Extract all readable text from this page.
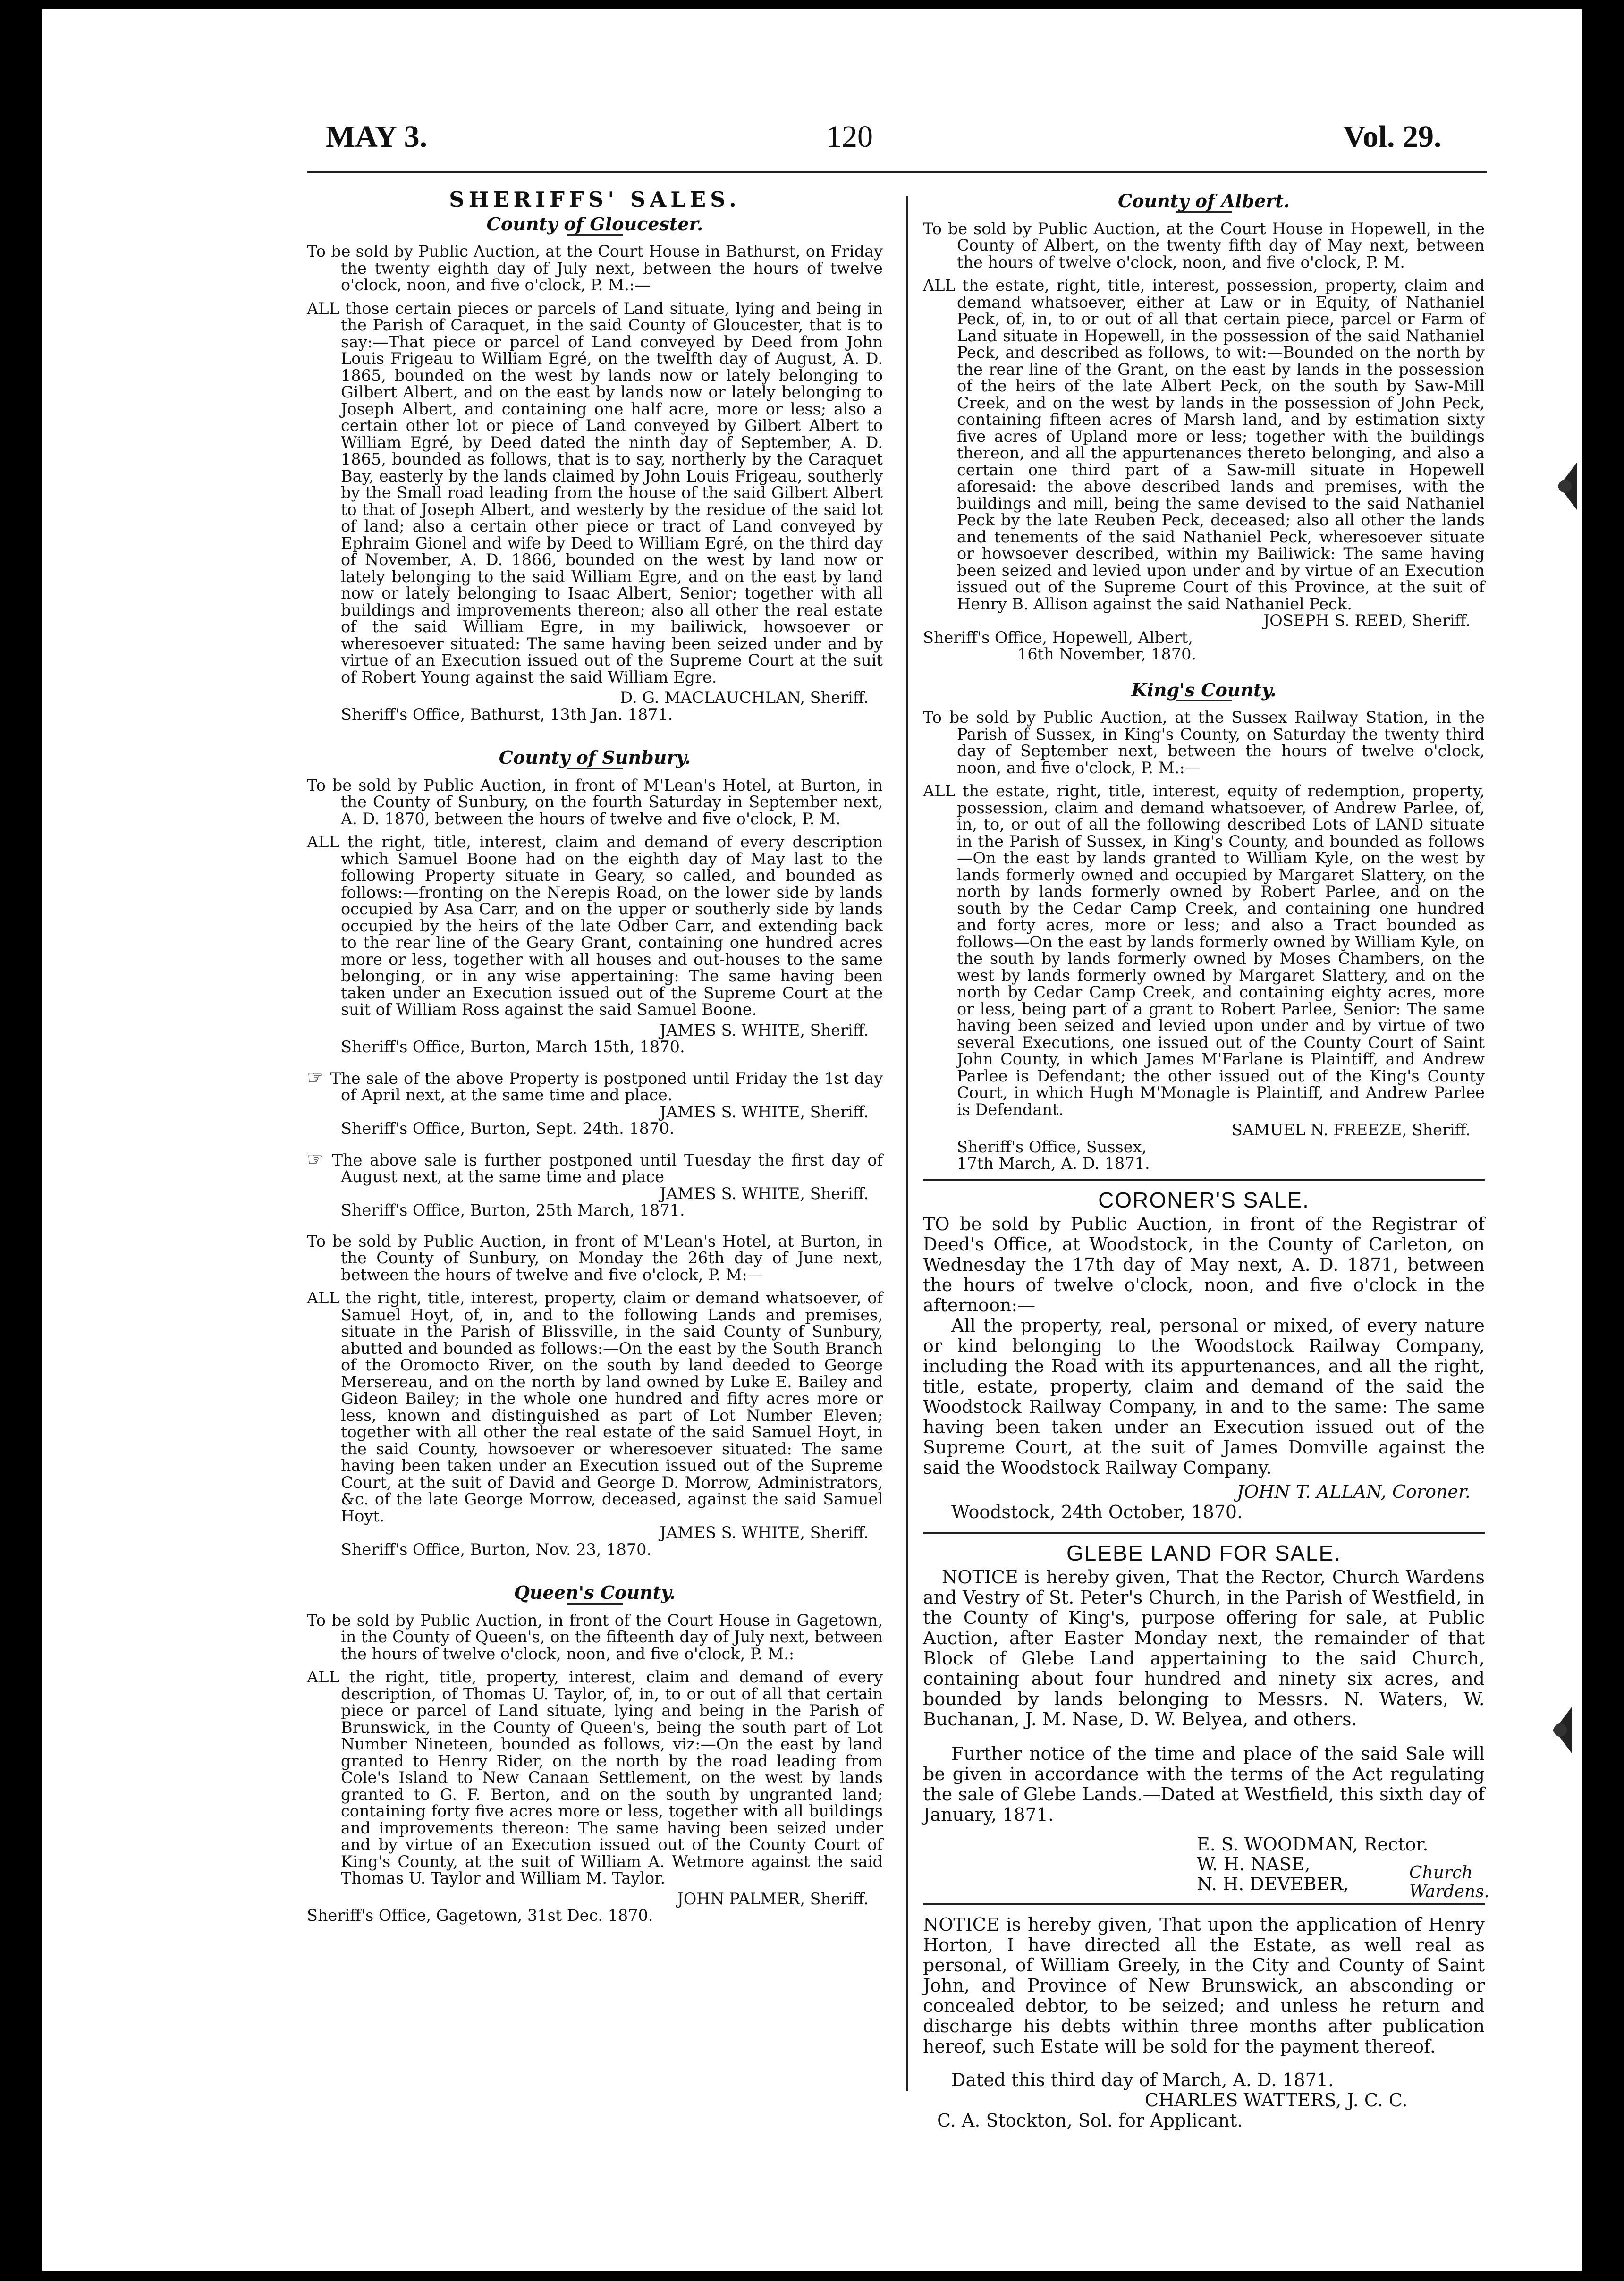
MAY 3.	120	Vol. 29.
SHERIFFS' SALES.
County of Gloucester.

To be sold by Public Auction, at the Court House in Bathurst, on Friday the twenty eighth day of July next, between the hours of twelve o'clock, noon, and five o'clock, P. M.:—

ALL those certain pieces or parcels of Land situate, lying and being in the Parish of Caraquet, in the said County of Gloucester, that is to say:—That piece or parcel of Land conveyed by Deed from John Louis Frigeau to William Egré, on the twelfth day of August, A. D. 1865, bounded on the west by lands now or lately belonging to Gilbert Albert, and on the east by lands now or lately belonging to Joseph Albert, and containing one half acre, more or less; also a certain other lot or piece of Land conveyed by Gilbert Albert to William Egré, by Deed dated the ninth day of September, A. D. 1865, bounded as follows, that is to say, northerly by the Caraquet Bay, easterly by the lands claimed by John Louis Frigeau, southerly by the Small road leading from the house of the said Gilbert Albert to that of Joseph Albert, and westerly by the residue of the said lot of land; also a certain other piece or tract of Land conveyed by Ephraim Gionel and wife by Deed to William Egré, on the third day of November, A. D. 1866, bounded on the west by land now or lately belonging to the said William Egre, and on the east by land now or lately belonging to Isaac Albert, Senior; together with all buildings and improvements thereon; also all other the real estate of the said William Egre, in my bailiwick, howsoever or wheresoever situated: The same having been seized under and by virtue of an Execution issued out of the Supreme Court at the suit of Robert Young against the said William Egre.

D. G. MACLAUCHLAN, Sheriff.

Sheriff's Office, Bathurst, 13th Jan. 1871.

County of Sunbury.

To be sold by Public Auction, in front of M'Lean's Hotel, at Burton, in the County of Sunbury, on the fourth Saturday in September next, A. D. 1870, between the hours of twelve and five o'clock, P. M.

ALL the right, title, interest, claim and demand of every description which Samuel Boone had on the eighth day of May last to the following Property situate in Geary, so called, and bounded as follows:—fronting on the Nerepis Road, on the lower side by lands occupied by Asa Carr, and on the upper or southerly side by lands occupied by the heirs of the late Odber Carr, and extending back to the rear line of the Geary Grant, containing one hundred acres more or less, together with all houses and out-houses to the same belonging, or in any wise appertaining: The same having been taken under an Execution issued out of the Supreme Court at the suit of William Ross against the said Samuel Boone.

JAMES S. WHITE, Sheriff.

Sheriff's Office, Burton, March 15th, 1870.

☞ The sale of the above Property is postponed until Friday the 1st day of April next, at the same time and place.

JAMES S. WHITE, Sheriff.

Sheriff's Office, Burton, Sept. 24th. 1870.

☞ The above sale is further postponed until Tuesday the first day of August next, at the same time and place

JAMES S. WHITE, Sheriff.

Sheriff's Office, Burton, 25th March, 1871.

To be sold by Public Auction, in front of M'Lean's Hotel, at Burton, in the County of Sunbury, on Monday the 26th day of June next, between the hours of twelve and five o'clock, P. M:—

ALL the right, title, interest, property, claim or demand whatsoever, of Samuel Hoyt, of, in, and to the following Lands and premises, situate in the Parish of Blissville, in the said County of Sunbury, abutted and bounded as follows:—On the east by the South Branch of the Oromocto River, on the south by land deeded to George Mersereau, and on the north by land owned by Luke E. Bailey and Gideon Bailey; in the whole one hundred and fifty acres more or less, known and distinguished as part of Lot Number Eleven; together with all other the real estate of the said Samuel Hoyt, in the said County, howsoever or wheresoever situated: The same having been taken under an Execution issued out of the Supreme Court, at the suit of David and George D. Morrow, Administrators, &c. of the late George Morrow, deceased, against the said Samuel Hoyt.

JAMES S. WHITE, Sheriff.

Sheriff's Office, Burton, Nov. 23, 1870.

Queen's County.

To be sold by Public Auction, in front of the Court House in Gagetown, in the County of Queen's, on the fifteenth day of July next, between the hours of twelve o'clock, noon, and five o'clock, P. M.:

ALL the right, title, property, interest, claim and demand of every description, of Thomas U. Taylor, of, in, to or out of all that certain piece or parcel of Land situate, lying and being in the Parish of Brunswick, in the County of Queen's, being the south part of Lot Number Nineteen, bounded as follows, viz:—On the east by land granted to Henry Rider, on the north by the road leading from Cole's Island to New Canaan Settlement, on the west by lands granted to G. F. Berton, and on the south by ungranted land; containing forty five acres more or less, together with all buildings and improvements thereon: The same having been seized under and by virtue of an Execution issued out of the County Court of King's County, at the suit of William A. Wetmore against the said Thomas U. Taylor and William M. Taylor.

JOHN PALMER, Sheriff.

Sheriff's Office, Gagetown, 31st Dec. 1870.

County of Albert.

To be sold by Public Auction, at the Court House in Hopewell, in the County of Albert, on the twenty fifth day of May next, between the hours of twelve o'clock, noon, and five o'clock, P. M.

ALL the estate, right, title, interest, possession, property, claim and demand whatsoever, either at Law or in Equity, of Nathaniel Peck, of, in, to or out of all that certain piece, parcel or Farm of Land situate in Hopewell, in the possession of the said Nathaniel Peck, and described as follows, to wit:—Bounded on the north by the rear line of the Grant, on the east by lands in the possession of the heirs of the late Albert Peck, on the south by Saw-Mill Creek, and on the west by lands in the possession of John Peck, containing fifteen acres of Marsh land, and by estimation sixty five acres of Upland more or less; together with the buildings thereon, and all the appurtenances thereto belonging, and also a certain one third part of a Saw-mill situate in Hopewell aforesaid: the above described lands and premises, with the buildings and mill, being the same devised to the said Nathaniel Peck by the late Reuben Peck, deceased; also all other the lands and tenements of the said Nathaniel Peck, wheresoever situate or howsoever described, within my Bailiwick: The same having been seized and levied upon under and by virtue of an Execution issued out of the Supreme Court of this Province, at the suit of Henry B. Allison against the said Nathaniel Peck.

JOSEPH S. REED, Sheriff.

Sheriff's Office, Hopewell, Albert,

16th November, 1870.

King's County.

To be sold by Public Auction, at the Sussex Railway Station, in the Parish of Sussex, in King's County, on Saturday the twenty third day of September next, between the hours of twelve o'clock, noon, and five o'clock, P. M.:—

ALL the estate, right, title, interest, equity of redemption, property, possession, claim and demand whatsoever, of Andrew Parlee, of, in, to, or out of all the following described Lots of LAND situate in the Parish of Sussex, in King's County, and bounded as follows—On the east by lands granted to William Kyle, on the west by lands formerly owned and occupied by Margaret Slattery, on the north by lands formerly owned by Robert Parlee, and on the south by the Cedar Camp Creek, and containing one hundred and forty acres, more or less; and also a Tract bounded as follows—On the east by lands formerly owned by William Kyle, on the south by lands formerly owned by Moses Chambers, on the west by lands formerly owned by Margaret Slattery, and on the north by Cedar Camp Creek, and containing eighty acres, more or less, being part of a grant to Robert Parlee, Senior: The same having been seized and levied upon under and by virtue of two several Executions, one issued out of the County Court of Saint John County, in which James M'Farlane is Plaintiff, and Andrew Parlee is Defendant; the other issued out of the King's County Court, in which Hugh M'Monagle is Plaintiff, and Andrew Parlee is Defendant.

SAMUEL N. FREEZE, Sheriff.

Sheriff's Office, Sussex,

17th March, A. D. 1871.

CORONER'S SALE.

TO be sold by Public Auction, in front of the Registrar of Deed's Office, at Woodstock, in the County of Carleton, on Wednesday the 17th day of May next, A. D. 1871, between the hours of twelve o'clock, noon, and five o'clock in the afternoon:—

All the property, real, personal or mixed, of every nature or kind belonging to the Woodstock Railway Company, including the Road with its appurtenances, and all the right, title, estate, property, claim and demand of the said the Woodstock Railway Company, in and to the same: The same having been taken under an Execution issued out of the Supreme Court, at the suit of James Domville against the said the Woodstock Railway Company.

JOHN T. ALLAN, Coroner.

Woodstock, 24th October, 1870.

GLEBE LAND FOR SALE.

NOTICE is hereby given, That the Rector, Church Wardens and Vestry of St. Peter's Church, in the Parish of Westfield, in the County of King's, purpose offering for sale, at Public Auction, after Easter Monday next, the remainder of that Block of Glebe Land appertaining to the said Church, containing about four hundred and ninety six acres, and bounded by lands belonging to Messrs. N. Waters, W. Buchanan, J. M. Nase, D. W. Belyea, and others.

Further notice of the time and place of the said Sale will be given in accordance with the terms of the Act regulating the sale of Glebe Lands.—Dated at Westfield, this sixth day of January, 1871.

E. S. WOODMAN, Rector.

W. H. NASE,

N. H. DEVEBER,

Church
Wardens.

NOTICE is hereby given, That upon the application of Henry Horton, I have directed all the Estate, as well real as personal, of William Greely, in the City and County of Saint John, and Province of New Brunswick, an absconding or concealed debtor, to be seized; and unless he return and discharge his debts within three months after publication hereof, such Estate will be sold for the payment thereof.

Dated this third day of March, A. D. 1871.

CHARLES WATTERS, J. C. C.

C. A. Stockton, Sol. for Applicant.
